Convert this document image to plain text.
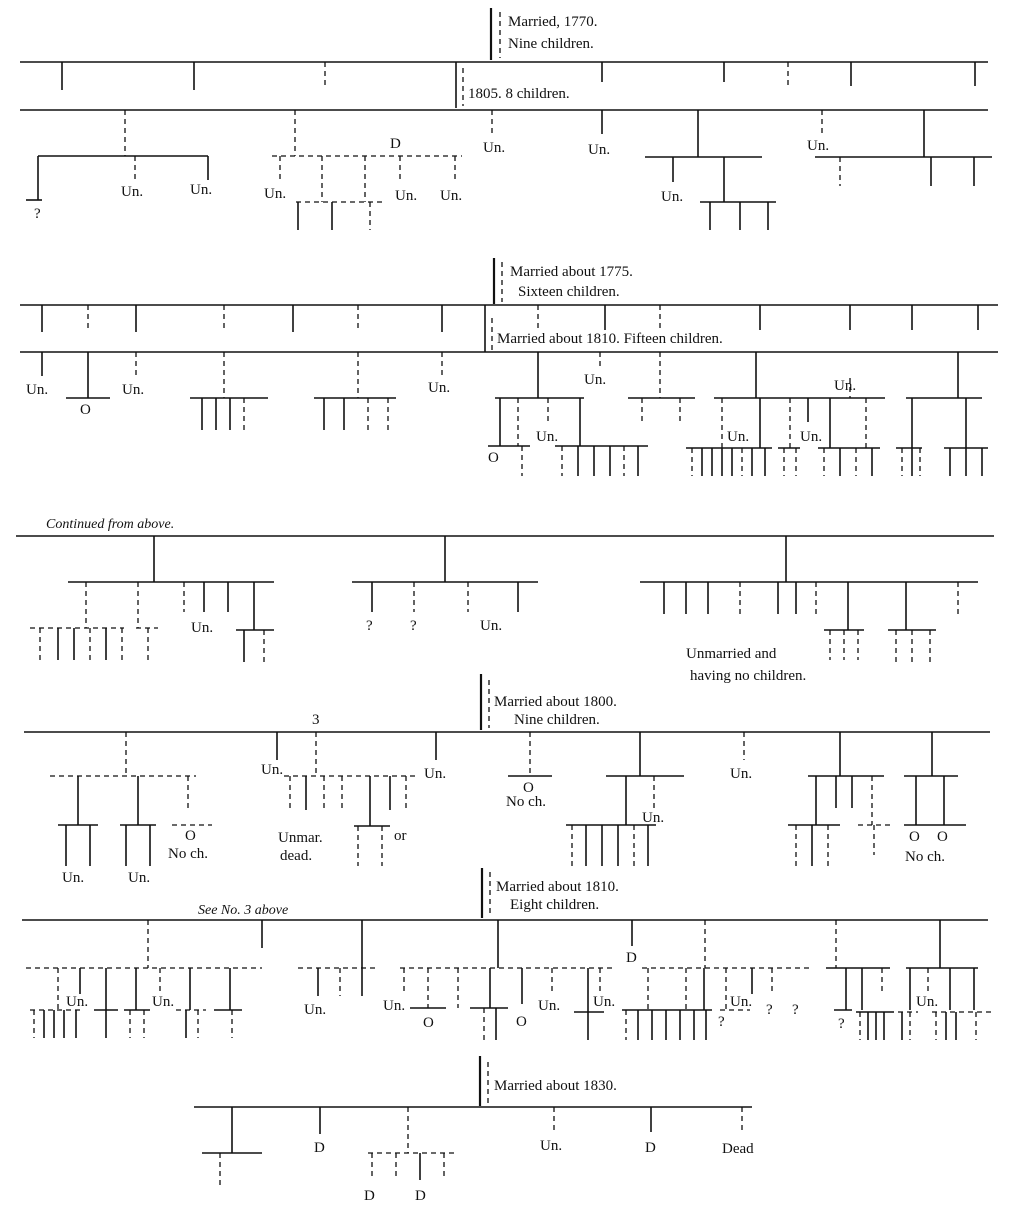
Married, 1770.
Nine children.
1805. 8 children.
?
Un.	Un.
D
Un.	Un. Un.
Un.	Un.
Un.
Un.
Married about 1775.
Sixteen children.
Married about 1810. Fifteen children.
Un.
O
Un.	Un.
O
Un.
Un.	Un.
Un.	Un.
Continued from above.
Un.	? ?	Un.
Unmarried and
having no children.
Married about 1800.
Nine children.
3
O
No ch.
Un.	Un.
Un.
Unmar.
dead.
or
Un.
O
No ch.
Un.
Un.
O O
No ch.
Married about 1810.
Eight children.
See No. 3 above
Un.	Un.	Un.	Un.
O	O
Un.
D
Un.
?
Un. ? ?
?
Un.
Married about 1830.
D
D	D
Un.	D	Dead
